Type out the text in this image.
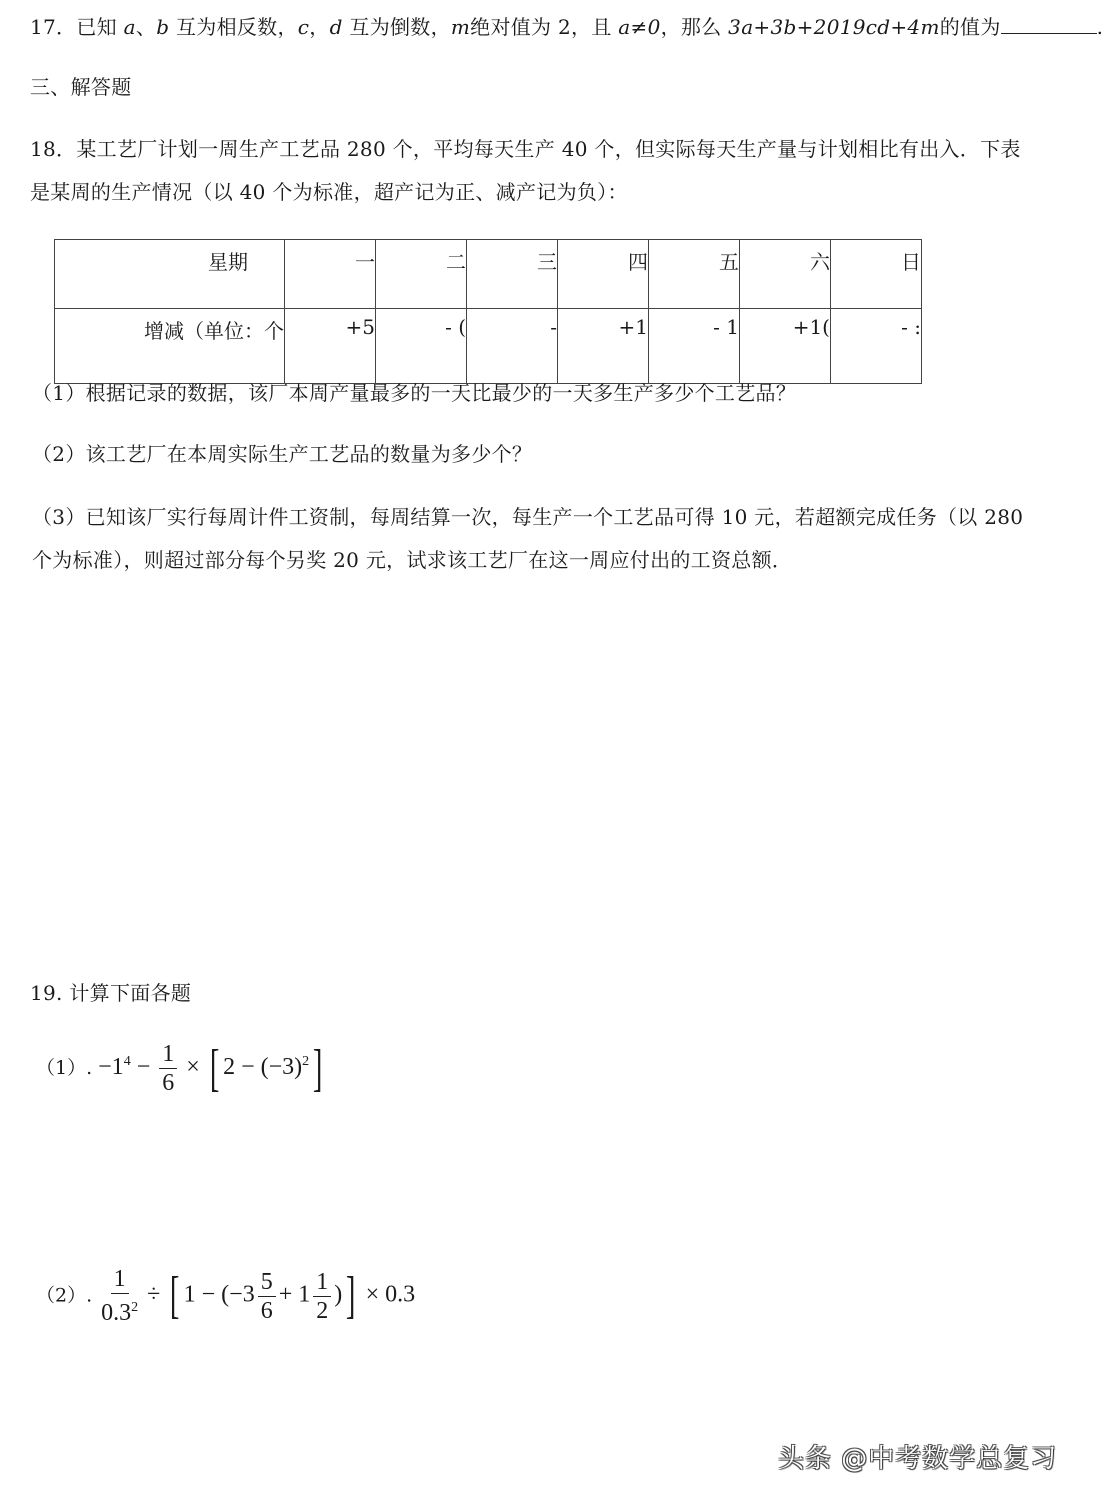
17．已知 a、b 互为相反数，c，d 互为倒数，m绝对值为 2，且 a≠0，那么 3a+3b+2019cd+4m的值为	.
三、解答题
18．某工艺厂计划一周生产工艺品 280 个，平均每天生产 40 个，但实际每天生产量与计划相比有出入．下表
是某周的生产情况（以 40 个为标准，超产记为正、减产记为负）：
星期	一	二	三	四	五	六	日
增减（单位：个	+5	- (	-	+1	- 1	+1(	- :
（1）根据记录的数据，该厂本周产量最多的一天比最少的一天多生产多少个工艺品？
（2）该工艺厂在本周实际生产工艺品的数量为多少个？
（3）已知该厂实行每周计件工资制，每周结算一次，每生产一个工艺品可得 10 元，若超额完成任务（以 280
个为标准），则超过部分每个另奖 20 元，试求该工艺厂在这一周应付出的工资总额．
19. 计算下面各题
（1）. $-1^4 - \frac{1}{6}$ × [ $2 - (-3)^2$]
（2）. $\frac{1}{0.3^2}$ ÷ [ $1 - (-3 \frac{5}{6} + 1 \frac{1}{2}$ )] × 0.3
头条 @中考数学总复习
